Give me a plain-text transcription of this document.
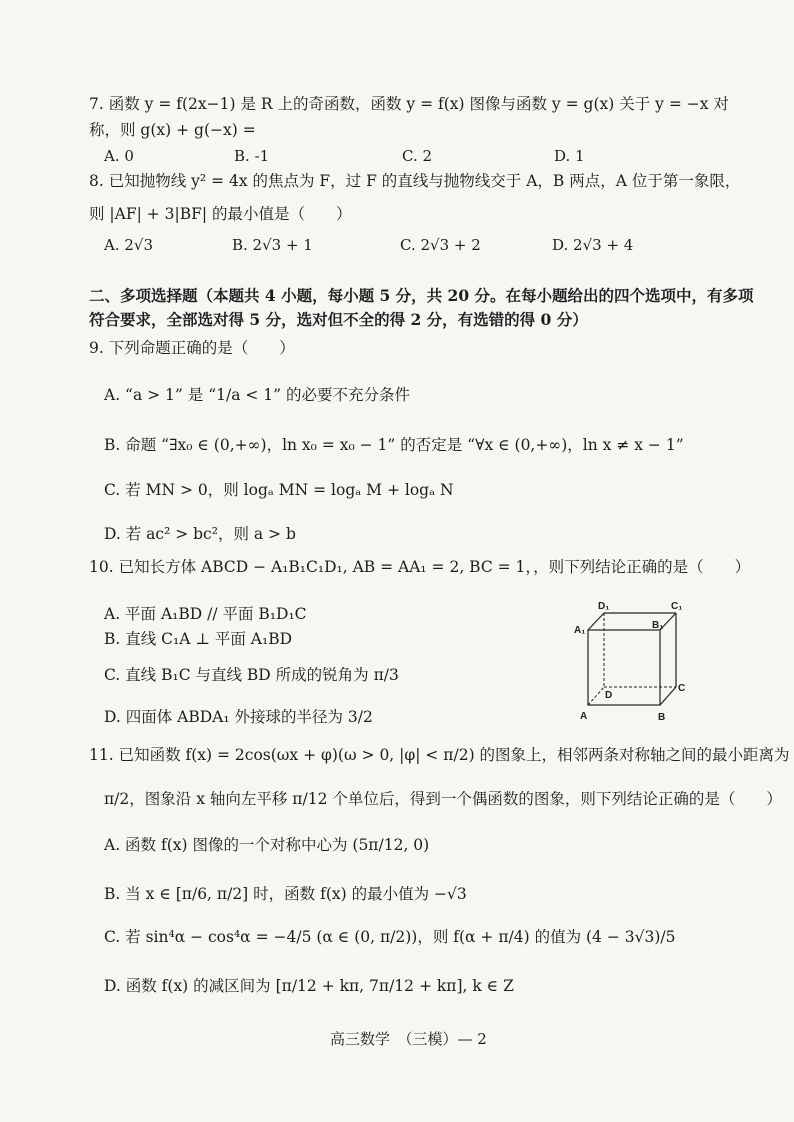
7. 函数 y = f(2x−1) 是 R 上的奇函数，函数 y = f(x) 图像与函数 y = g(x) 关于 y = −x 对
称，则 g(x) + g(−x) =
A. 0	B. -1	C. 2	D. 1
8. 已知抛物线 y² = 4x 的焦点为 F，过 F 的直线与抛物线交于 A，B 两点，A 位于第一象限，
则 |AF| + 3|BF| 的最小值是（　　）
A. 2√3	B. 2√3 + 1	C. 2√3 + 2	D. 2√3 + 4
二、多项选择题（本题共 4 小题，每小题 5 分，共 20 分。在每小题给出的四个选项中，有多项
符合要求，全部选对得 5 分，选对但不全的得 2 分，有选错的得 0 分）
9. 下列命题正确的是（　　）
A. “a > 1” 是 “1/a < 1” 的必要不充分条件
B. 命题 “∃x₀ ∈ (0,+∞)，ln x₀ = x₀ − 1” 的否定是 “∀x ∈ (0,+∞)，ln x ≠ x − 1”
C. 若 MN > 0，则 logₐ MN = logₐ M + logₐ N
D. 若 ac² > bc²，则 a > b
10. 已知长方体 ABCD − A₁B₁C₁D₁, AB = AA₁ = 2, BC = 1，，则下列结论正确的是（　　）
A. 平面 A₁BD // 平面 B₁D₁C
B. 直线 C₁A ⊥ 平面 A₁BD
C. 直线 B₁C 与直线 BD 所成的锐角为 π/3
D. 四面体 ABDA₁ 外接球的半径为 3/2
D₁	C₁
A₁	B₁
D
C
A	B
11. 已知函数 f(x) = 2cos(ωx + φ)(ω > 0, |φ| < π/2) 的图象上，相邻两条对称轴之间的最小距离为
π/2，图象沿 x 轴向左平移 π/12 个单位后，得到一个偶函数的图象，则下列结论正确的是（　　）
A. 函数 f(x) 图像的一个对称中心为 (5π/12, 0)
B. 当 x ∈ [π/6, π/2] 时，函数 f(x) 的最小值为 −√3
C. 若 sin⁴α − cos⁴α = −4/5 (α ∈ (0, π/2))，则 f(α + π/4) 的值为 (4 − 3√3)/5
D. 函数 f(x) 的减区间为 [π/12 + kπ, 7π/12 + kπ], k ∈ Z
高三数学　（三模）— 2
